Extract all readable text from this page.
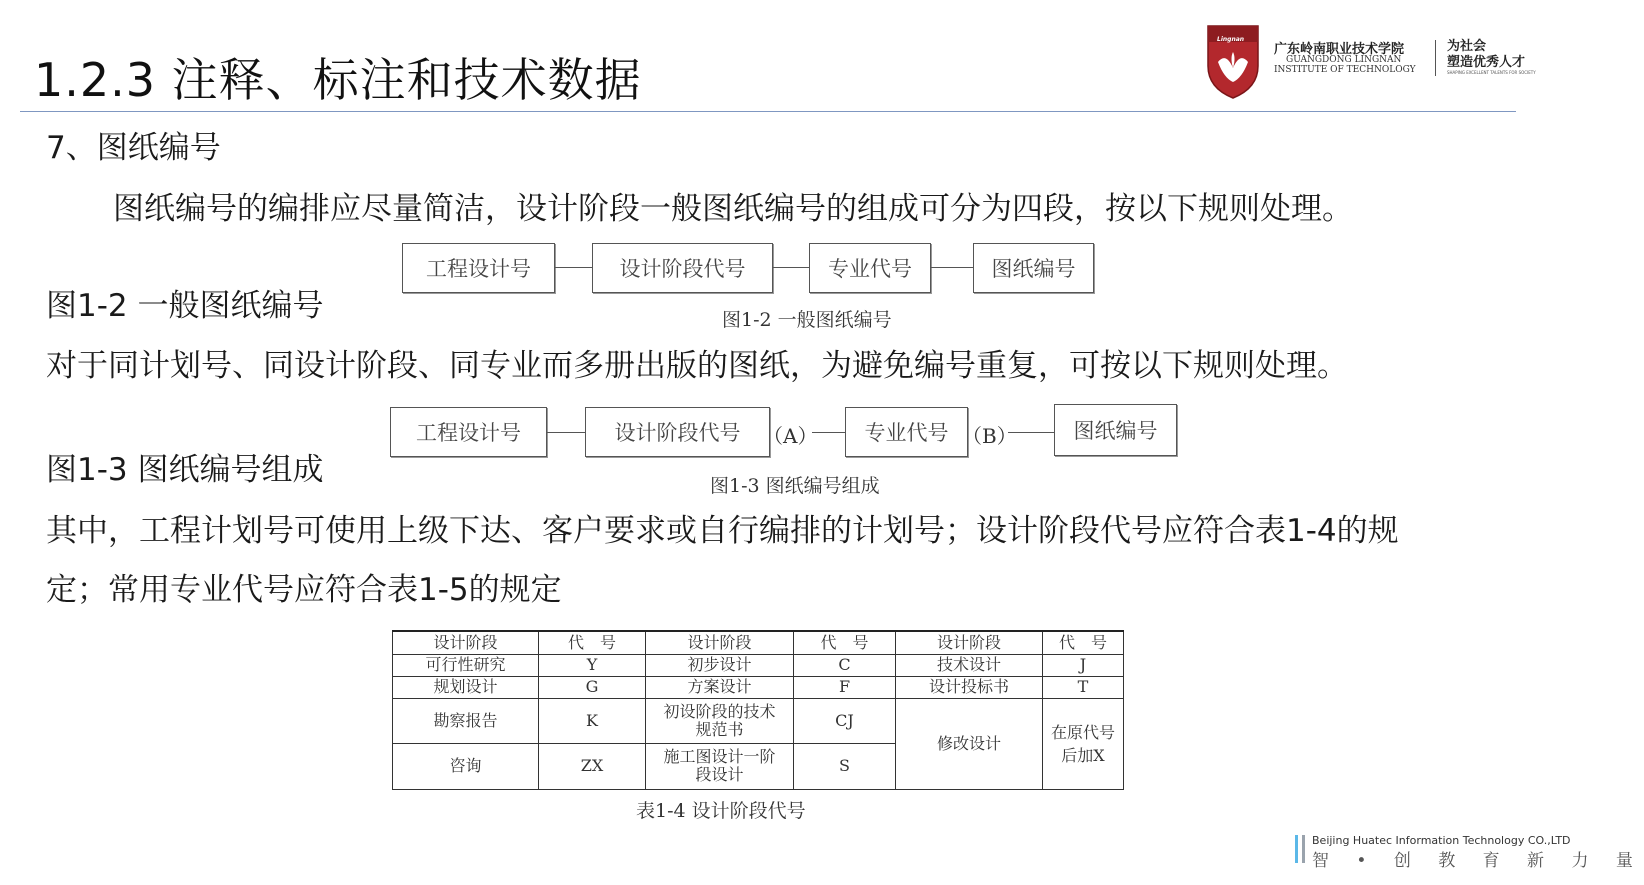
1.2.3 注释、标注和技术数据
Lingnan
广东岭南职业技术学院
GUANGDONG LINGNAN
INSTITUTE OF TECHNOLOGY
为社会
塑造优秀人才
SHAPING EXCELLENT TALENTS FOR SOCIETY
7、图纸编号
图纸编号的编排应尽量简洁，设计阶段一般图纸编号的组成可分为四段，按以下规则处理。
图1-2 一般图纸编号
工程设计号	设计阶段代号	专业代号	图纸编号
图1-2 一般图纸编号
对于同计划号、同设计阶段、同专业而多册出版的图纸，为避免编号重复，可按以下规则处理。
图1-3 图纸编号组成
工程设计号	设计阶段代号	（A）	专业代号 （B）	图纸编号
图1-3 图纸编号组成
其中，工程计划号可使用上级下达、客户要求或自行编排的计划号；设计阶段代号应符合表1-4的规
定；常用专业代号应符合表1-5的规定
设计阶段	代　号	设计阶段	代　号	设计阶段	代　号
可行性研究	Y	初步设计	C	技术设计	J
规划设计	G	方案设计	F	设计投标书	T
勘察报告	K	初设阶段的技术规范书	CJ	修改设计	在原代号后加X
咨询	ZX	施工图设计一阶段设计	S		
表1-4 设计阶段代号
Beijing Huatec Information Technology CO.,LTD
智 • 创 教 育 新 力 量
